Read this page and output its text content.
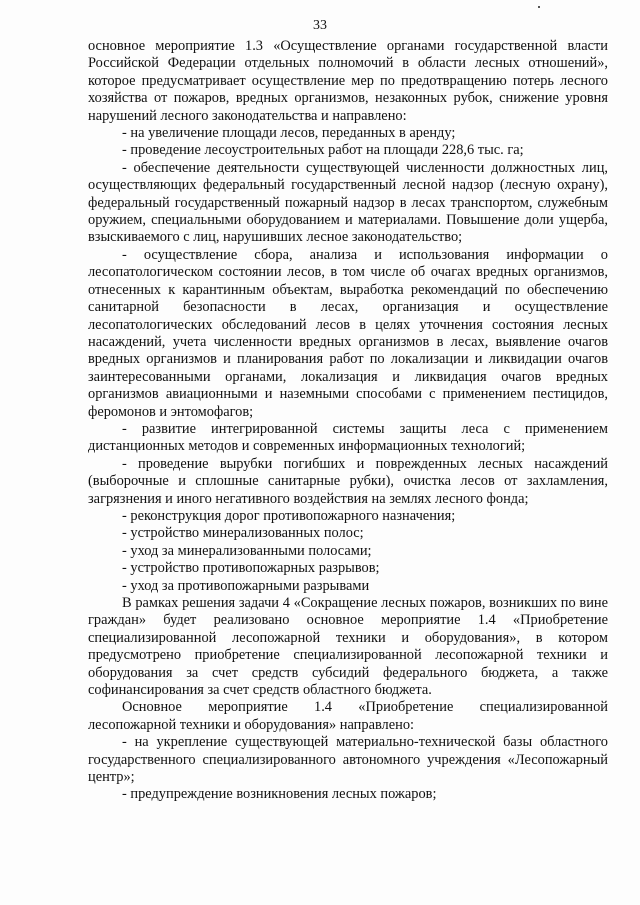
33

основное мероприятие 1.3 «Осуществление органами государственной власти Российской Федерации отдельных полномочий в области лесных отношений», которое предусматривает осуществление мер по предотвращению потерь лесного хозяйства от пожаров, вредных организмов, незаконных рубок, снижение уровня нарушений лесного законодательства и направлено:

- на увеличение площади лесов, переданных в аренду;

- проведение лесоустроительных работ на площади 228,6 тыс. га;

- обеспечение деятельности существующей численности должностных лиц, осуществляющих федеральный государственный лесной надзор (лесную охрану), федеральный государственный пожарный надзор в лесах транспортом, служебным оружием, специальными оборудованием и материалами. Повышение доли ущерба, взыскиваемого с лиц, нарушивших лесное законодательство;

- осуществление сбора, анализа и использования информации о лесопатологическом состоянии лесов, в том числе об очагах вредных организмов, отнесенных к карантинным объектам, выработка рекомендаций по обеспечению санитарной безопасности в лесах, организация и осуществление лесопатологических обследований лесов в целях уточнения состояния лесных насаждений, учета численности вредных организмов в лесах, выявление очагов вредных организмов и планирования работ по локализации и ликвидации очагов заинтересованными органами, локализация и ликвидация очагов вредных организмов авиационными и наземными способами с применением пестицидов, феромонов и энтомофагов;

- развитие интегрированной системы защиты леса с применением дистанционных методов и современных информационных технологий;

- проведение вырубки погибших и поврежденных лесных насаждений (выборочные и сплошные санитарные рубки), очистка лесов от захламления, загрязнения и иного негативного воздействия на землях лесного фонда;

- реконструкция дорог противопожарного назначения;

- устройство минерализованных полос;

- уход за минерализованными полосами;

- устройство противопожарных разрывов;

- уход за противопожарными разрывами

В рамках решения задачи 4 «Сокращение лесных пожаров, возникших по вине граждан» будет реализовано основное мероприятие 1.4 «Приобретение специализированной лесопожарной техники и оборудования», в котором предусмотрено приобретение специализированной лесопожарной техники и оборудования за счет средств субсидий федерального бюджета, а также софинансирования за счет средств областного бюджета.

Основное мероприятие 1.4 «Приобретение специализированной лесопожарной техники и оборудования» направлено:

- на укрепление существующей материально-технической базы областного государственного специализированного автономного учреждения «Лесопожарный центр»;

- предупреждение возникновения лесных пожаров;
